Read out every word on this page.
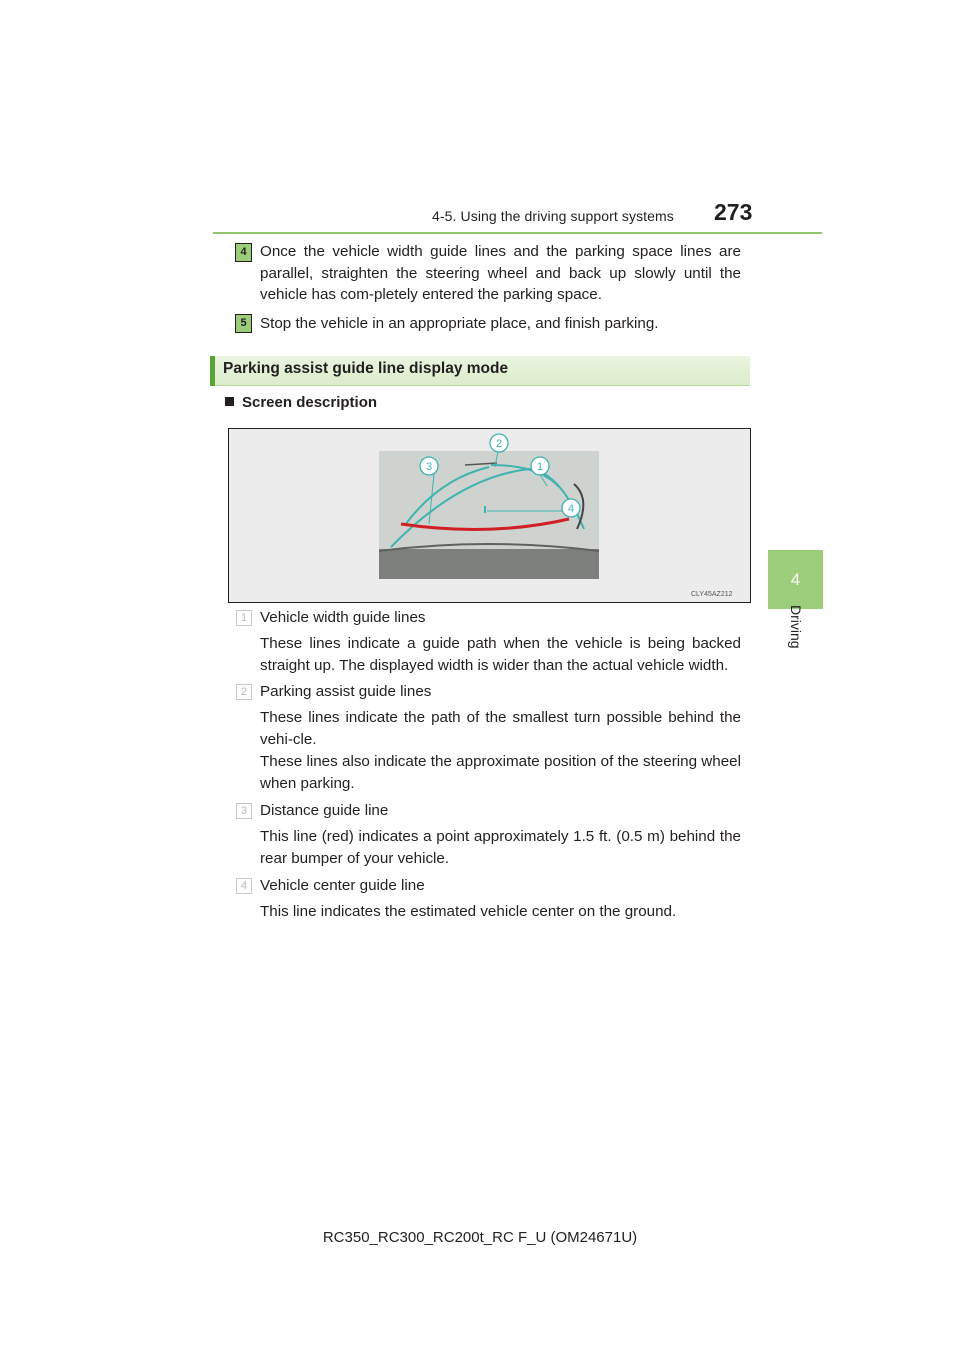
4-5. Using the driving support systems 273
4
Driving
4 Once the vehicle width guide lines and the parking space lines are parallel, straighten the steering wheel and back up slowly until the vehicle has com-pletely entered the parking space.
5 Stop the vehicle in an appropriate place, and finish parking.
Parking assist guide line display mode
Screen description
1
2
3
4
CLY45AZ212
1 Vehicle width guide lines
These lines indicate a guide path when the vehicle is being backed straight up. The displayed width is wider than the actual vehicle width.
2 Parking assist guide lines
These lines indicate the path of the smallest turn possible behind the vehi-cle.
These lines also indicate the approximate position of the steering wheel when parking.
3 Distance guide line
This line (red) indicates a point approximately 1.5 ft. (0.5 m) behind the rear bumper of your vehicle.
4 Vehicle center guide line
This line indicates the estimated vehicle center on the ground.
RC350_RC300_RC200t_RC F_U (OM24671U)
